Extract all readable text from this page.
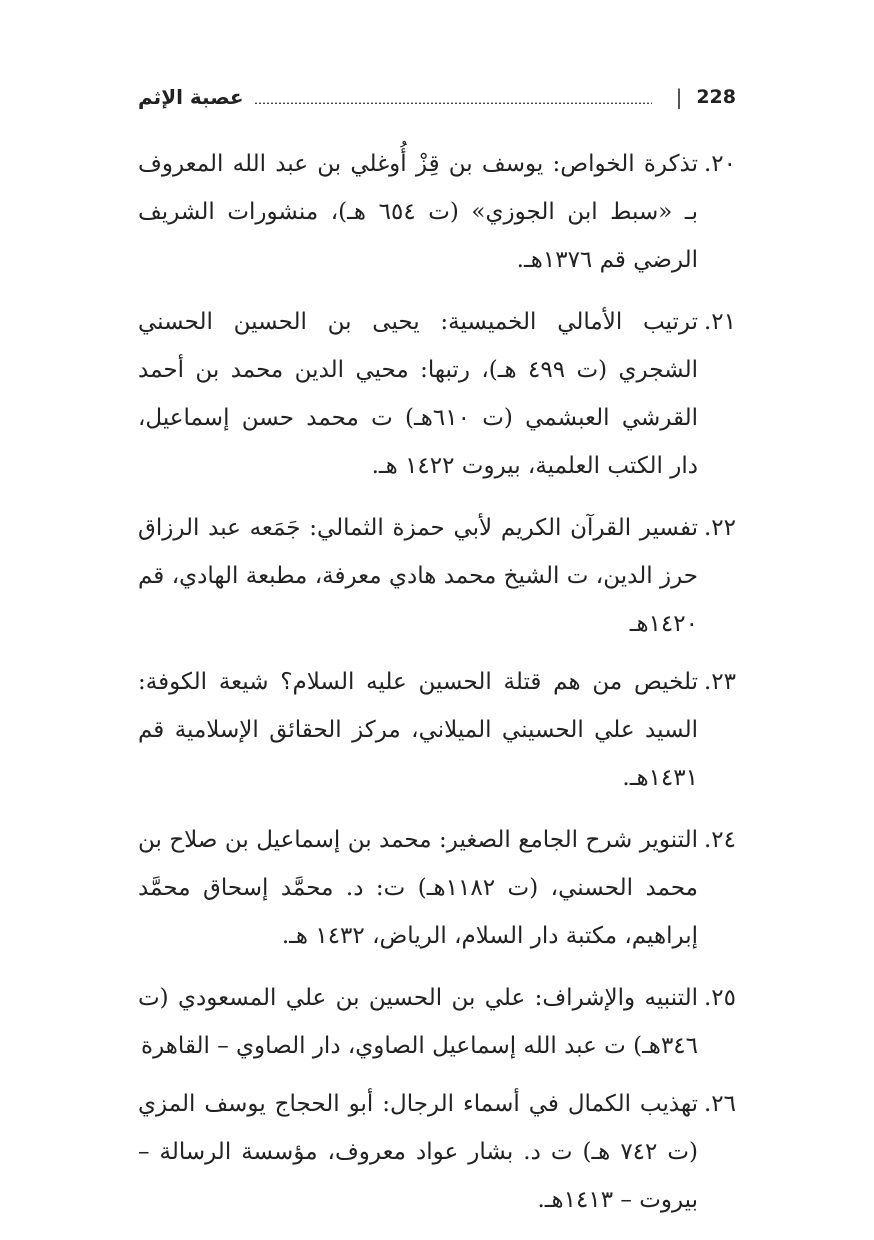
228
|
عصبة الإثم
٢٠.
تذكرة الخواص: يوسف بن قِزْ أُوغلي بن عبد الله المعروف بـ «سبط ابن الجوزي» (ت ٦٥٤ هـ)، منشورات الشريف الرضي قم ١٣٧٦هـ.
٢١.
ترتيب الأمالي الخميسية: يحيى بن الحسين الحسني الشجري (ت ٤٩٩ هـ)، رتبها: محيي الدين محمد بن أحمد القرشي العبشمي (ت ٦١٠هـ) ت محمد حسن إسماعيل، دار الكتب العلمية، بيروت ١٤٢٢ هـ.
٢٢.
تفسير القرآن الكريم لأبي حمزة الثمالي: جَمَعه عبد الرزاق حرز الدين، ت الشيخ محمد هادي معرفة، مطبعة الهادي، قم ١٤٢٠هـ
٢٣.
تلخيص من هم قتلة الحسين عليه السلام؟ شيعة الكوفة: السيد علي الحسيني الميلاني، مركز الحقائق الإسلامية قم ١٤٣١هـ.
٢٤.
التنوير شرح الجامع الصغير: محمد بن إسماعيل بن صلاح بن محمد الحسني، (ت ١١٨٢هـ) ت: د. محمَّد إسحاق محمَّد إبراهيم، مكتبة دار السلام، الرياض، ١٤٣٢ هـ.
٢٥.
التنبيه والإشراف: علي بن الحسين بن علي المسعودي (ت ٣٤٦هـ) ت عبد الله إسماعيل الصاوي، دار الصاوي – القاهرة
٢٦.
تهذيب الكمال في أسماء الرجال: أبو الحجاج يوسف المزي (ت ٧٤٢ هـ) ت د. بشار عواد معروف، مؤسسة الرسالة – بيروت – ١٤١٣هـ.
